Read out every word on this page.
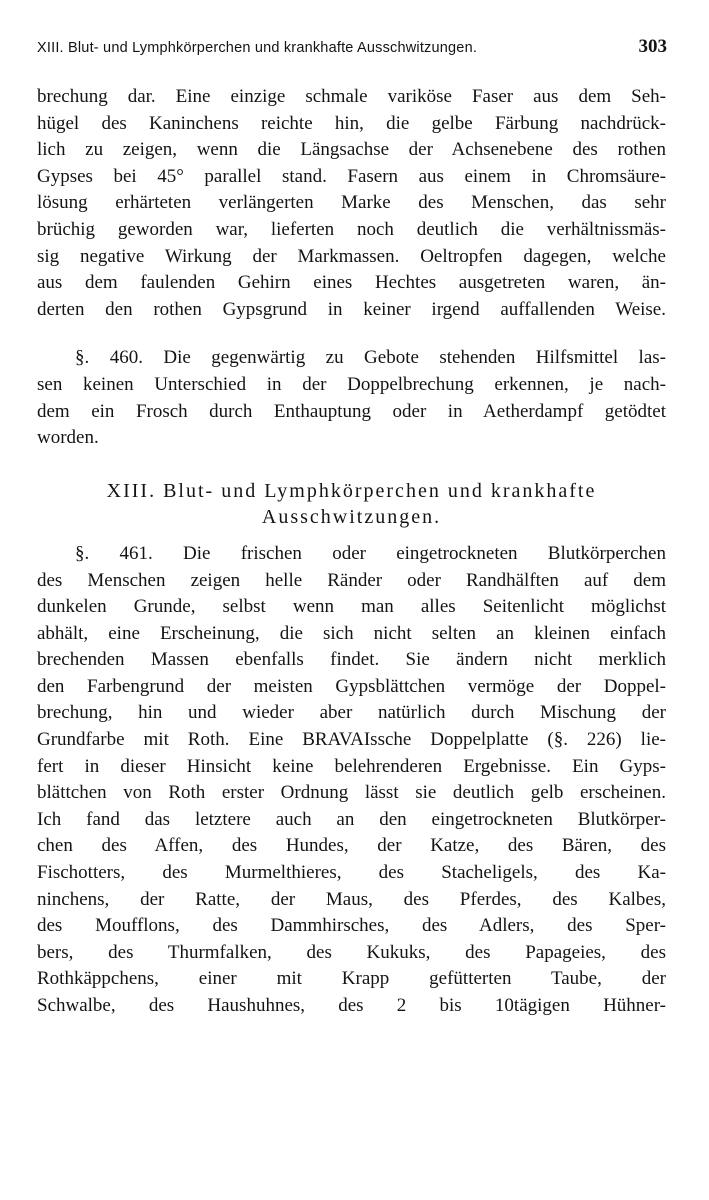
XIII. Blut- und Lymphkörperchen und krankhafte Ausschwitzungen.	303
brechung dar. Eine einzige schmale variköse Faser aus dem Seh-
hügel des Kaninchens reichte hin, die gelbe Färbung nachdrück-
lich zu zeigen, wenn die Längsachse der Achsenebene des rothen
Gypses bei 45° parallel stand. Fasern aus einem in Chromsäure-
lösung erhärteten verlängerten Marke des Menschen, das sehr
brüchig geworden war, lieferten noch deutlich die verhältnissmäs-
sig negative Wirkung der Markmassen. Oeltropfen dagegen, welche
aus dem faulenden Gehirn eines Hechtes ausgetreten waren, än-
derten den rothen Gypsgrund in keiner irgend auffallenden Weise.
§. 460. Die gegenwärtig zu Gebote stehenden Hilfsmittel las-
sen keinen Unterschied in der Doppelbrechung erkennen, je nach-
dem ein Frosch durch Enthauptung oder in Aetherdampf getödtet
worden.
XIII. Blut- und Lymphkörperchen und krankhafte
Ausschwitzungen.
§. 461. Die frischen oder eingetrockneten Blutkörperchen
des Menschen zeigen helle Ränder oder Randhälften auf dem
dunkelen Grunde, selbst wenn man alles Seitenlicht möglichst
abhält, eine Erscheinung, die sich nicht selten an kleinen einfach
brechenden Massen ebenfalls findet. Sie ändern nicht merklich
den Farbengrund der meisten Gypsblättchen vermöge der Doppel-
brechung, hin und wieder aber natürlich durch Mischung der
Grundfarbe mit Roth. Eine BRAVAIssche Doppelplatte (§. 226) lie-
fert in dieser Hinsicht keine belehrenderen Ergebnisse. Ein Gyps-
blättchen von Roth erster Ordnung lässt sie deutlich gelb erscheinen.
Ich fand das letztere auch an den eingetrockneten Blutkörper-
chen des Affen, des Hundes, der Katze, des Bären, des
Fischotters, des Murmelthieres, des Stacheligels, des Ka-
ninchens, der Ratte, der Maus, des Pferdes, des Kalbes,
des Moufflons, des Dammhirsches, des Adlers, des Sper-
bers, des Thurmfalken, des Kukuks, des Papageies, des
Rothkäppchens, einer mit Krapp gefütterten Taube, der
Schwalbe, des Haushuhnes, des 2 bis 10tägigen Hühner-
